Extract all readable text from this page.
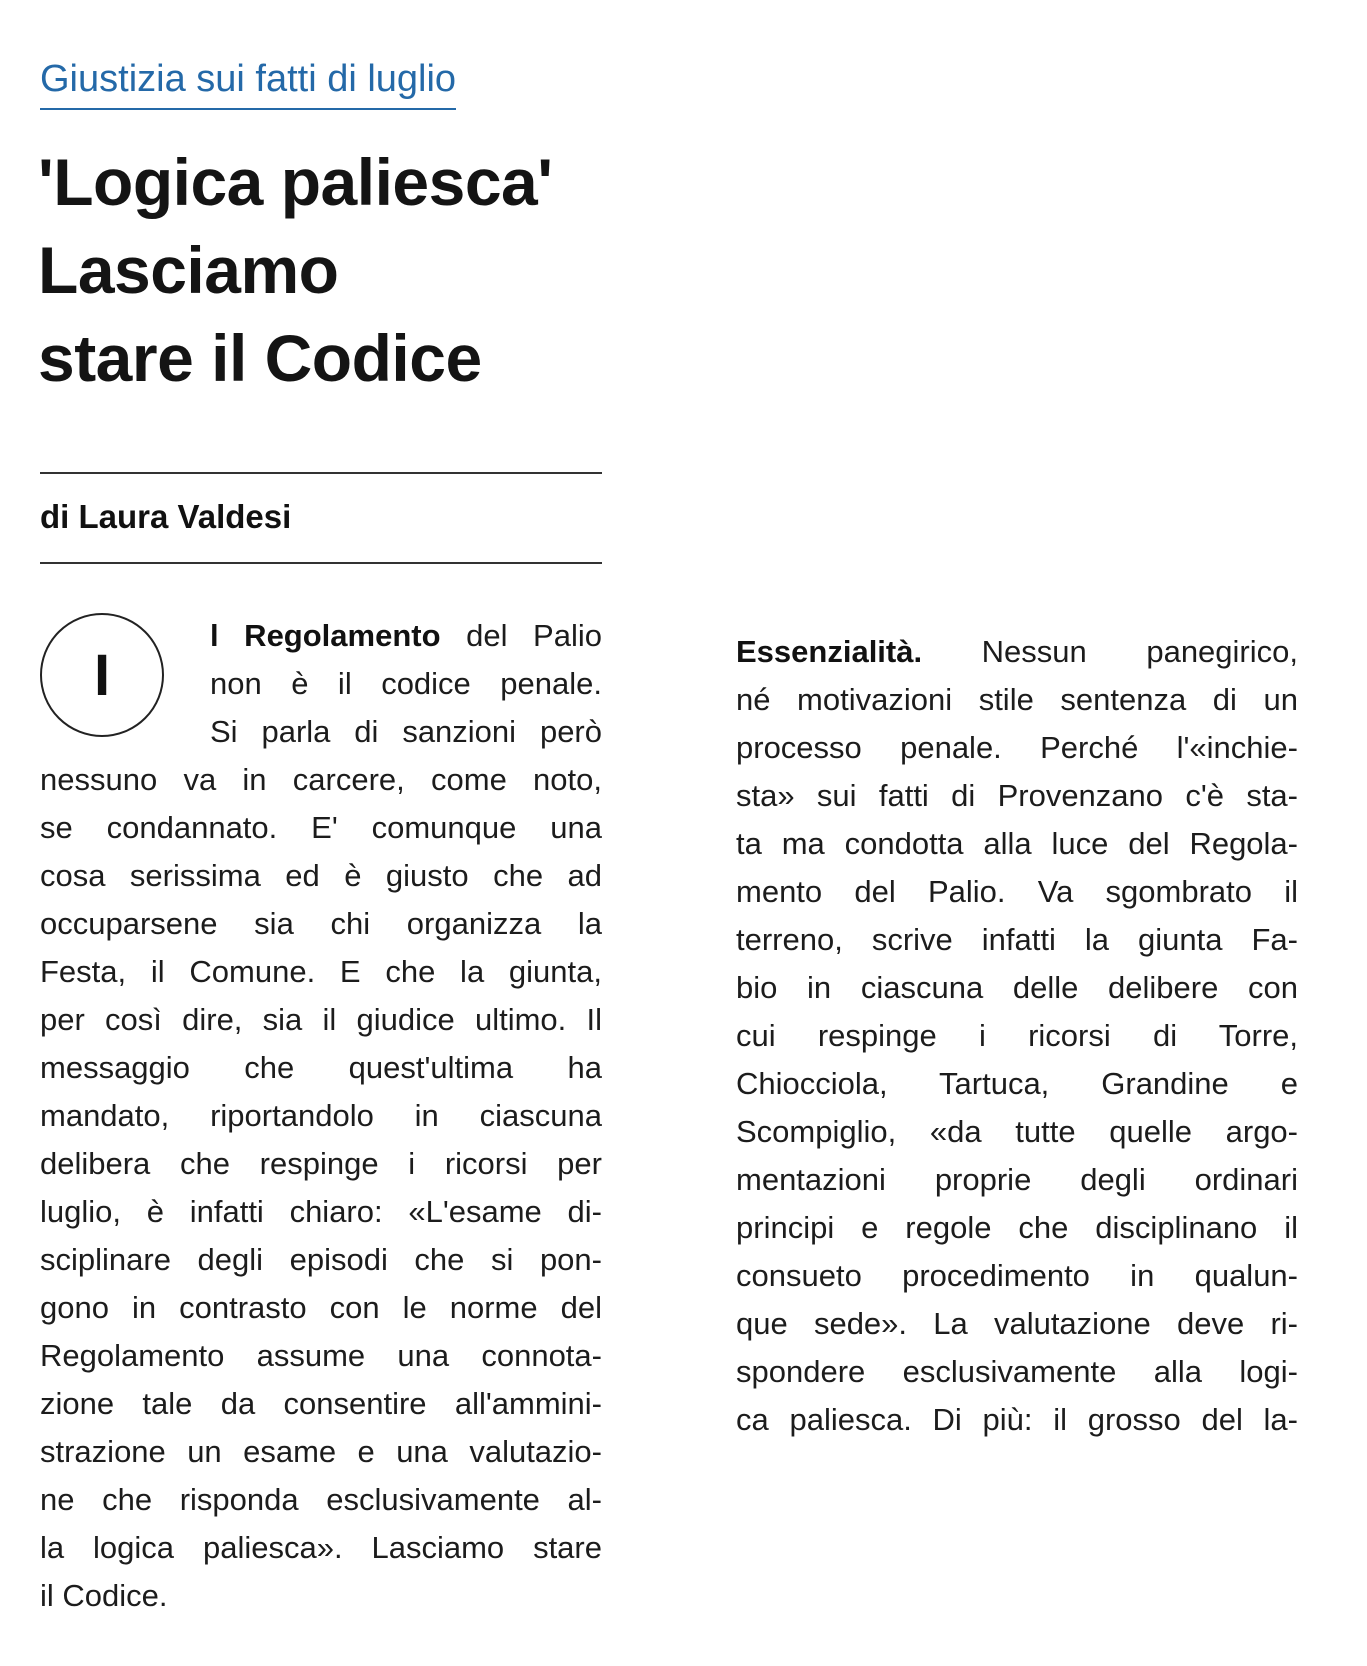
Giustizia sui fatti di luglio
'Logica paliesca'
Lasciamo
stare il Codice
di Laura Valdesi
I
l Regolamento del Palio
non è il codice penale.
Si parla di sanzioni però
nessuno va in carcere, come noto,
se condannato. E' comunque una
cosa serissima ed è giusto che ad
occuparsene sia chi organizza la
Festa, il Comune. E che la giunta,
per così dire, sia il giudice ultimo. Il
messaggio che quest'ultima ha
mandato, riportandolo in ciascuna
delibera che respinge i ricorsi per
luglio, è infatti chiaro: «L'esame di-
sciplinare degli episodi che si pon-
gono in contrasto con le norme del
Regolamento assume una connota-
zione tale da consentire all'ammini-
strazione un esame e una valutazio-
ne che risponda esclusivamente al-
la logica paliesca». Lasciamo stare
il Codice.
Essenzialità. Nessun panegirico,
né motivazioni stile sentenza di un
processo penale. Perché l'«inchie-
sta» sui fatti di Provenzano c'è sta-
ta ma condotta alla luce del Regola-
mento del Palio. Va sgombrato il
terreno, scrive infatti la giunta Fa-
bio in ciascuna delle delibere con
cui respinge i ricorsi di Torre,
Chiocciola, Tartuca, Grandine e
Scompiglio, «da tutte quelle argo-
mentazioni proprie degli ordinari
principi e regole che disciplinano il
consueto procedimento in qualun-
que sede». La valutazione deve ri-
spondere esclusivamente alla logi-
ca paliesca. Di più: il grosso del la-
